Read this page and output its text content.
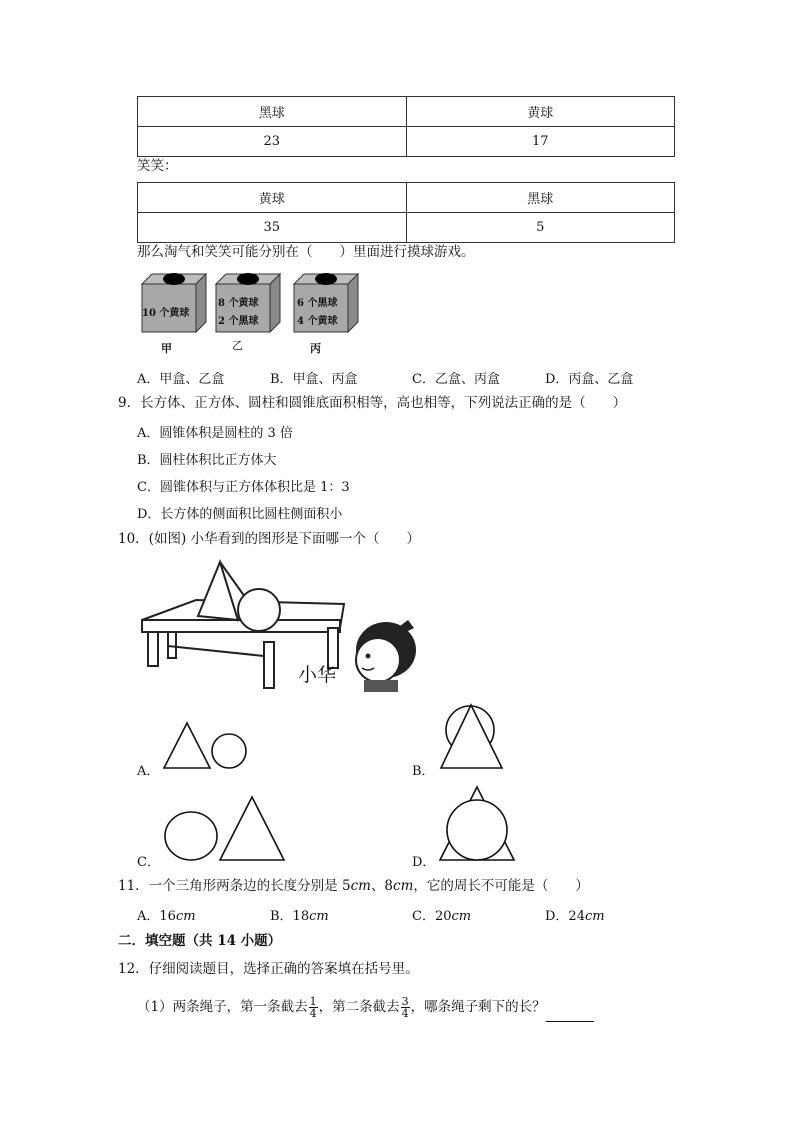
黑球	黄球
23	17
笑笑：
黄球	黑球
35	5
那么淘气和笑笑可能分别在（　　）里面进行摸球游戏。
10 个黄球
8 个黄球
2 个黑球
6 个黑球
4 个黄球
甲	乙	丙
A．甲盒、乙盒	B．甲盒、丙盒	C．乙盒、丙盒	D．丙盒、乙盒
9．长方体、正方体、圆柱和圆锥底面积相等，高也相等，下列说法正确的是（　　）
A．圆锥体积是圆柱的 3 倍
B．圆柱体积比正方体大
C．圆锥体积与正方体体积比是 1：3
D．长方体的侧面积比圆柱侧面积小
10．(如图) 小华看到的图形是下面哪一个（　　）
小华
A．	B．
C．	D．
11．一个三角形两条边的长度分别是 5cm、8cm，它的周长不可能是（　　）
A．16cm	B．18cm	C．20cm	D．24cm
二．填空题（共 14 小题）
12．仔细阅读题目，选择正确的答案填在括号里。
（1）两条绳子，第一条截去 $\frac{1}{4}$ ，第二条截去 $\frac{3}{4}$ ，哪条绳子剩下的长？
